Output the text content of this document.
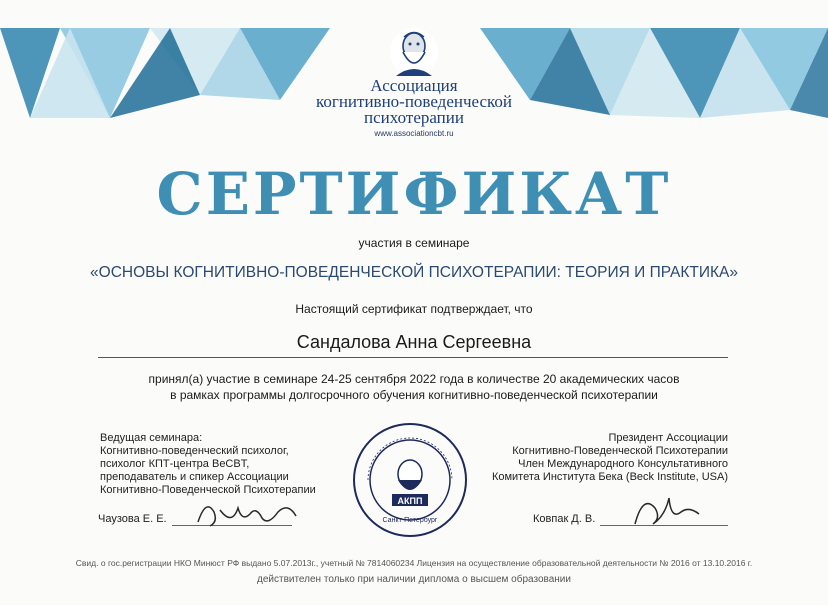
Ассоциация
когнитивно-поведенческой
психотерапии
www.associationcbt.ru
СЕРТИФИКАТ
участия в семинаре
«ОСНОВЫ КОГНИТИВНО-ПОВЕДЕНЧЕСКОЙ ПСИХОТЕРАПИИ: ТЕОРИЯ И ПРАКТИКА»
Настоящий сертификат подтверждает, что
Сандалова Анна Сергеевна
принял(а) участие в семинаре 24-25 сентября 2022 года в количестве 20 академических часов
в рамках программы долгосрочного обучения когнитивно-поведенческой психотерапии
Ведущая семинара:
Когнитивно-поведенческий психолог,
психолог КПТ-центра BeCBT,
преподаватель и спикер Ассоциации
Когнитивно-Поведенческой Психотерапии
Чаузова Е. Е.
АКПП
Санкт-Петербург
Президент Ассоциации
Когнитивно-Поведенческой Психотерапии
Член Международного Консультативного
Комитета Института Бека (Beck Institute, USA)
Ковпак Д. В.
Свид. о гос.регистрации НКО Минюст РФ выдано 5.07.2013г., учетный № 7814060234 Лицензия на осуществление образовательной деятельности № 2016 от 13.10.2016 г.
действителен только при наличии диплома о высшем образовании
